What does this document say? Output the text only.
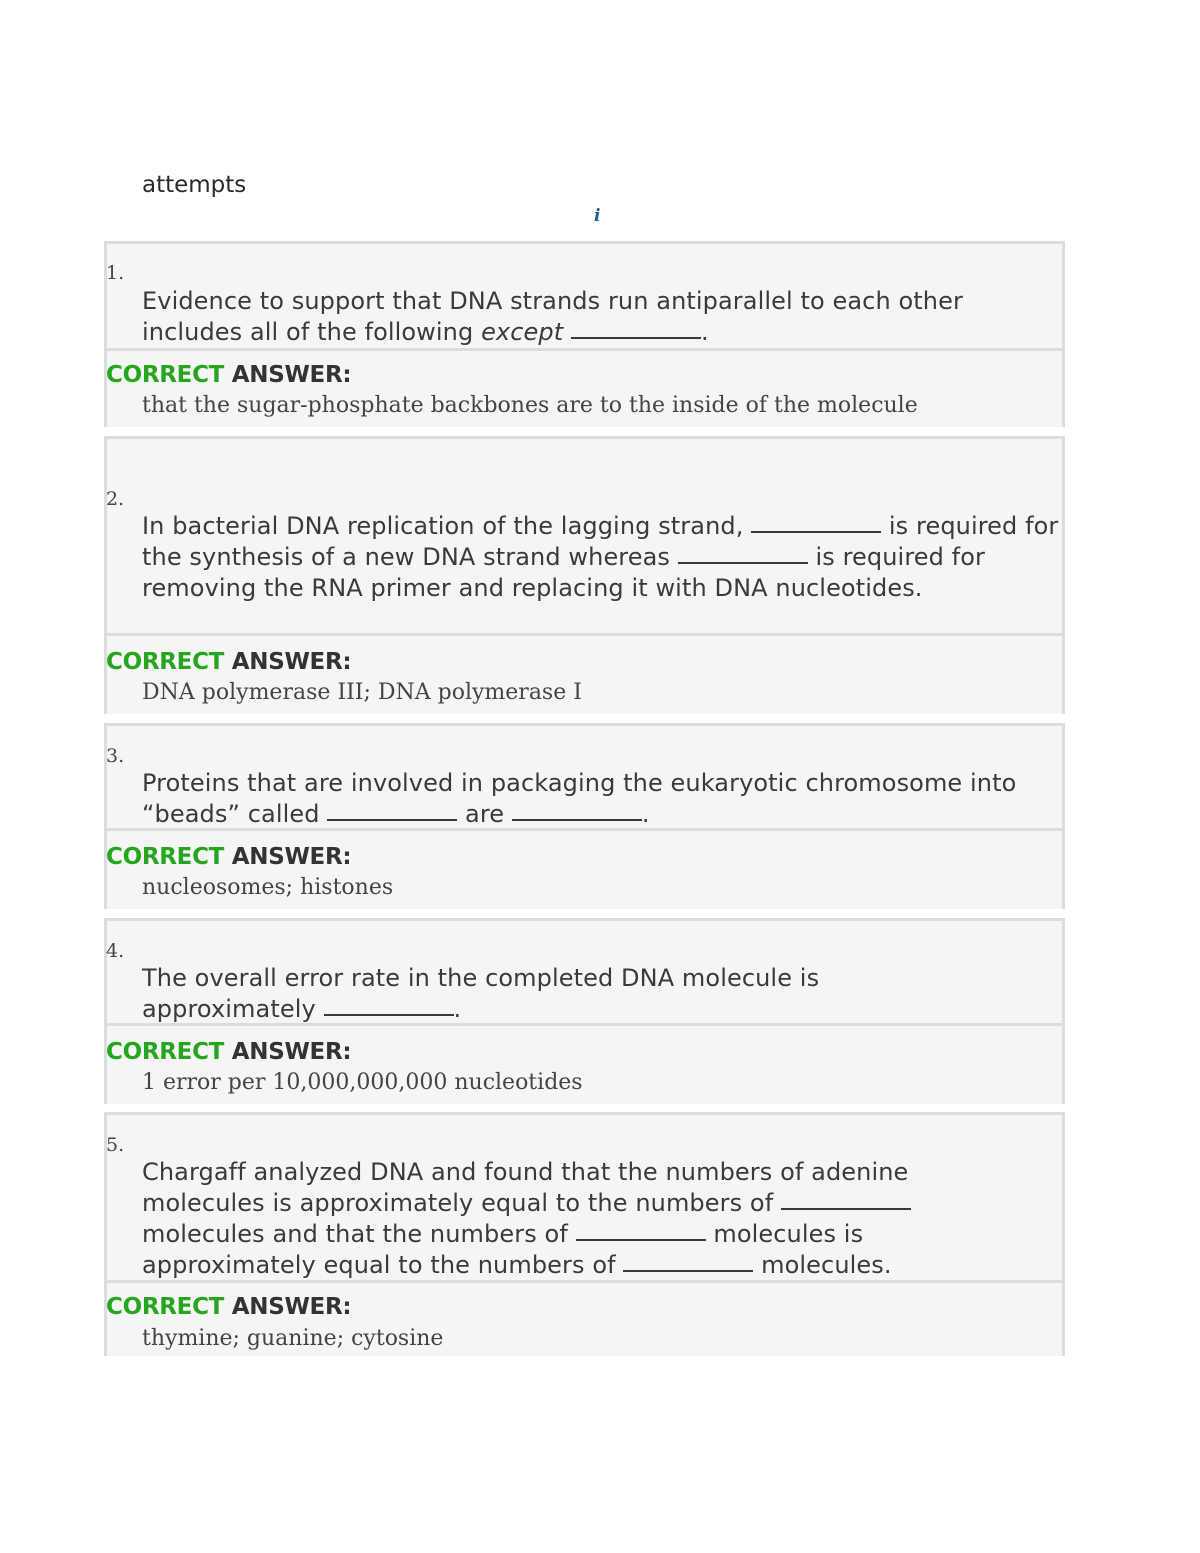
attempts
i
1.
Evidence to support that DNA strands run antiparallel to each other includes all of the following except	.
CORRECT ANSWER:
that the sugar-phosphate backbones are to the inside of the molecule
2.
In bacterial DNA replication of the lagging strand,	is required for the synthesis of a new DNA strand whereas	is required for removing the RNA primer and replacing it with DNA nucleotides.
CORRECT ANSWER:
DNA polymerase III; DNA polymerase I
3.
Proteins that are involved in packaging the eukaryotic chromosome into “beads” called	are	.
CORRECT ANSWER:
nucleosomes; histones
4.
The overall error rate in the completed DNA molecule is approximately	.
CORRECT ANSWER:
1 error per 10,000,000,000 nucleotides
5.
Chargaff analyzed DNA and found that the numbers of adenine molecules is approximately equal to the numbers of  molecules and that the numbers of	molecules is approximately equal to the numbers of	molecules.
CORRECT ANSWER:
thymine; guanine; cytosine
